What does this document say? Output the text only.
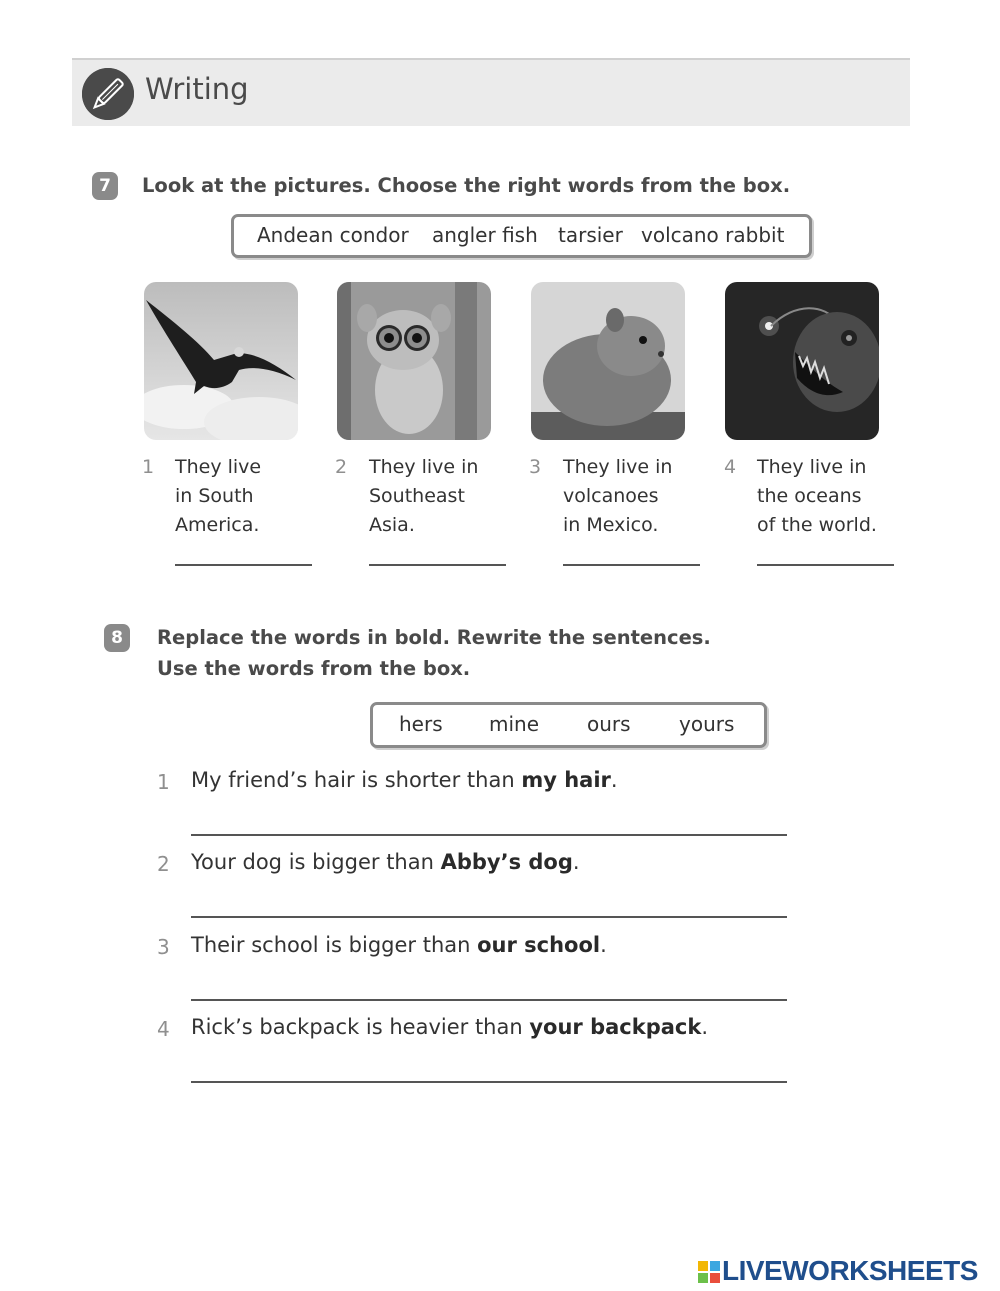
Writing
7	Look at the pictures. Choose the right words from the box.
Andean condor angler fish tarsier volcano rabbit
1 They live
in South
America.
2 They live in
Southeast
Asia.
3 They live in
volcanoes
in Mexico.
4 They live in
the oceans
of the world.
8	Replace the words in bold. Rewrite the sentences.
Use the words from the box.
hers mine ours yours
1 My friend’s hair is shorter than my hair.
2 Your dog is bigger than Abby’s dog.
3 Their school is bigger than our school.
4 Rick’s backpack is heavier than your backpack.
LIVEWORKSHEETS
